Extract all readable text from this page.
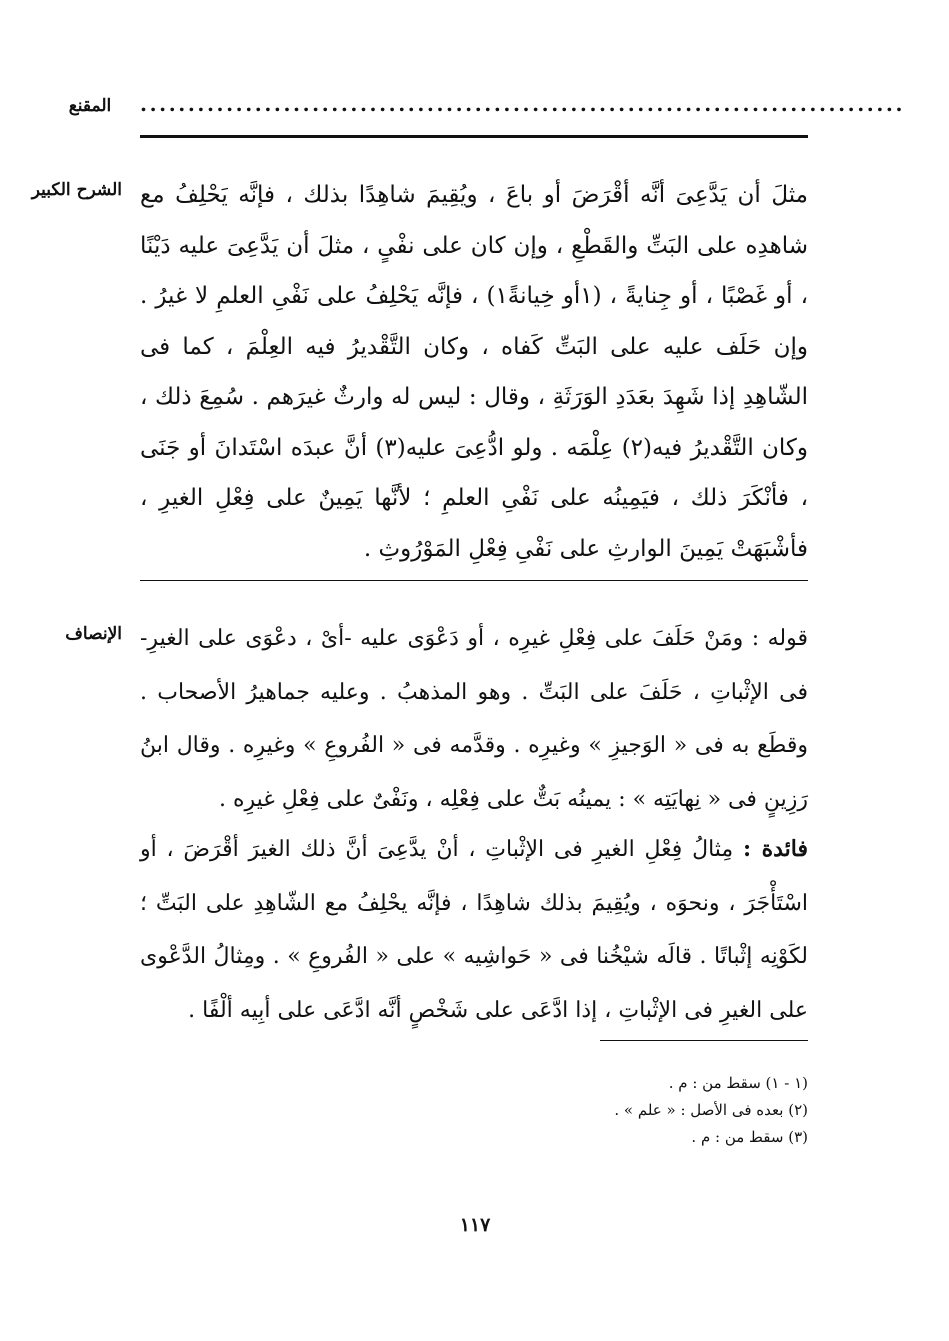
المقنع	................................................................................
الشرح الكبير مثلَ أن يَدَّعِىَ أنَّه أقْرَضَ أو باعَ ، ويُقِيمَ شاهِدًا بذلك ، فإنَّه يَحْلِفُ مع شاهدِه على البَتِّ والقَطْعِ ، وإن كان على نفْىٍ ، مثلَ أن يَدَّعِىَ عليه دَيْنًا ، أو غَصْبًا ، أو جِنايةً ، (١أو خِيانةً١) ، فإنَّه يَحْلِفُ على نَفْىِ العلمِ لا غيرُ . وإن حَلَف عليه على البَتِّ كَفاه ، وكان التَّقْديرُ فيه العِلْمَ ، كما فى الشّاهِدِ إذا شَهِدَ بعَدَدِ الوَرَثَةِ ، وقال : ليس له وارثٌ غيرَهم . سُمِعَ ذلك ، وكان التَّقْديرُ فيه(٢) عِلْمَه . ولو ادُّعِىَ عليه(٣) أنَّ عبدَه اسْتَدانَ أو جَنَى ، فأنْكَرَ ذلك ، فيَمِينُه على نَفْىِ العلمِ ؛ لأنَّها يَمِينٌ على فِعْلِ الغيرِ ، فأشْبَهَتْ يَمِينَ الوارثِ على نَفْىِ فِعْلِ المَوْرُوثِ .
الإنصاف قوله : ومَنْ حَلَفَ على فِعْلِ غيرِه ، أو دَعْوَى عليه -أىْ ، دعْوَى على الغيرِ- فى الإثْباتِ ، حَلَفَ على البَتِّ . وهو المذهبُ . وعليه جماهيرُ الأصحاب . وقطَع به فى « الوَجيزِ » وغيرِه . وقدَّمه فى « الفُروعِ » وغيرِه . وقال ابنُ رَزِينٍ فى « نِهايَتِه » : يمينُه بَتٌّ على فِعْلِه ، ونَفْىٌ على فِعْلِ غيرِه .
فائدة : مِثالُ فِعْلِ الغيرِ فى الإثْباتِ ، أنْ يدَّعِىَ أنَّ ذلك الغيرَ أقْرَضَ ، أو اسْتَأْجَرَ ، ونحوَه ، ويُقِيمَ بذلك شاهِدًا ، فإنَّه يحْلِفُ مع الشّاهِدِ على البَتِّ ؛ لكَوْنِه إثْباتًا . قالَه شيْخُنا فى « حَواشِيه » على « الفُروعِ » . ومِثالُ الدَّعْوى على الغيرِ فى الإثْباتِ ، إذا ادَّعَى على شَخْصٍ أنَّه ادَّعَى على أبِيه ألْفًا .
(١ - ١) سقط من : م .
(٢) بعده فى الأصل : « علم » .
(٣) سقط من : م .
١١٧
